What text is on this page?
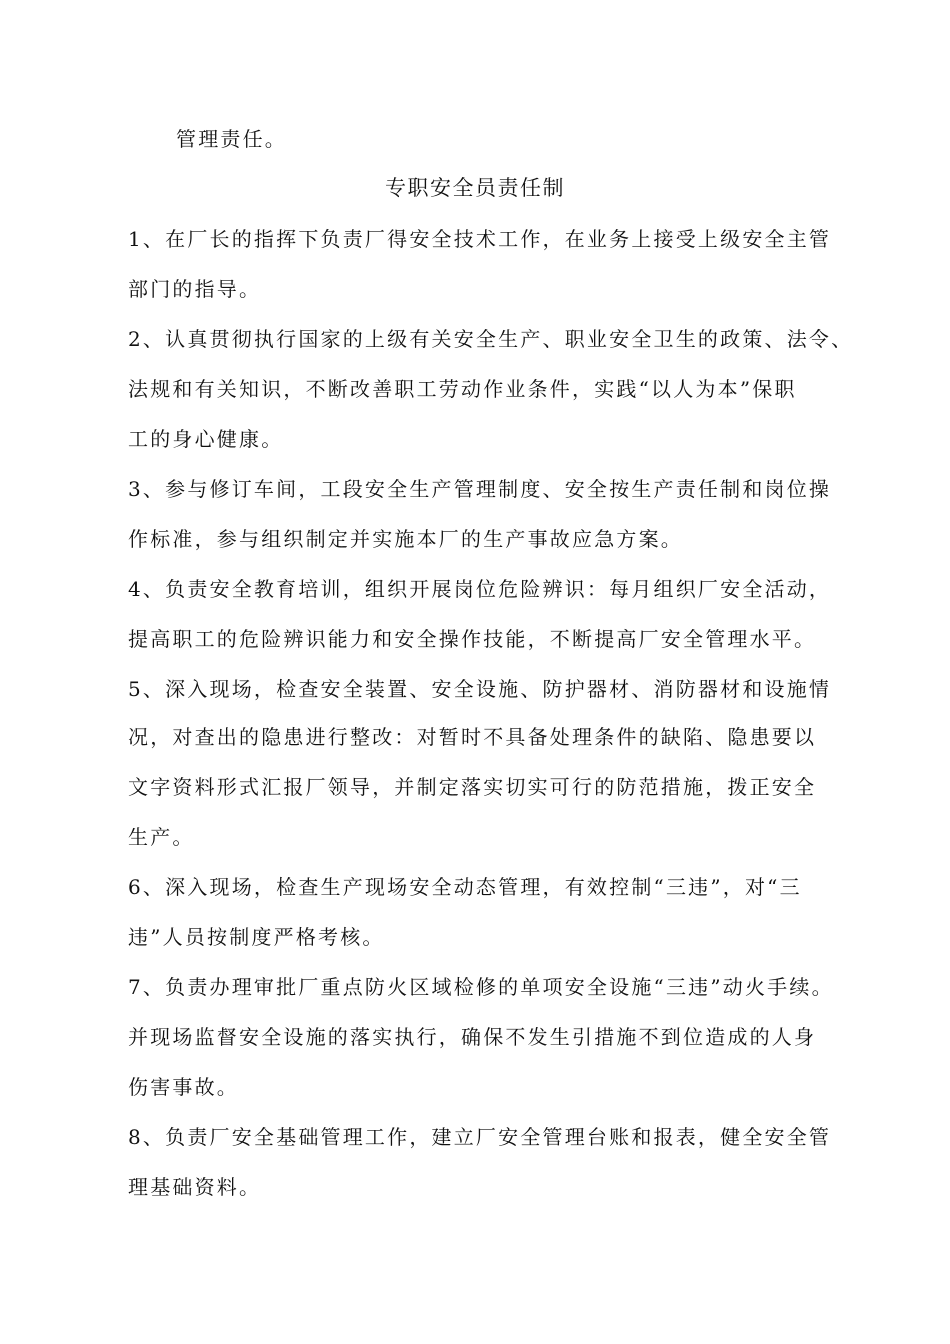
管理责任。
专职安全员责任制
1、在厂长的指挥下负责厂得安全技术工作，在业务上接受上级安全主管
部门的指导。
2、认真贯彻执行国家的上级有关安全生产、职业安全卫生的政策、法令、
法规和有关知识，不断改善职工劳动作业条件，实践“以人为本”保职
工的身心健康。
3、参与修订车间，工段安全生产管理制度、安全按生产责任制和岗位操
作标准，参与组织制定并实施本厂的生产事故应急方案。
4、负责安全教育培训，组织开展岗位危险辨识：每月组织厂安全活动，
提高职工的危险辨识能力和安全操作技能，不断提高厂安全管理水平。
5、深入现场，检查安全装置、安全设施、防护器材、消防器材和设施情
况，对查出的隐患进行整改：对暂时不具备处理条件的缺陷、隐患要以
文字资料形式汇报厂领导，并制定落实切实可行的防范措施，拨正安全
生产。
6、深入现场，检查生产现场安全动态管理，有效控制“三违”，对“三
违”人员按制度严格考核。
7、负责办理审批厂重点防火区域检修的单项安全设施“三违”动火手续。
并现场监督安全设施的落实执行，确保不发生引措施不到位造成的人身
伤害事故。
8、负责厂安全基础管理工作，建立厂安全管理台账和报表，健全安全管
理基础资料。
